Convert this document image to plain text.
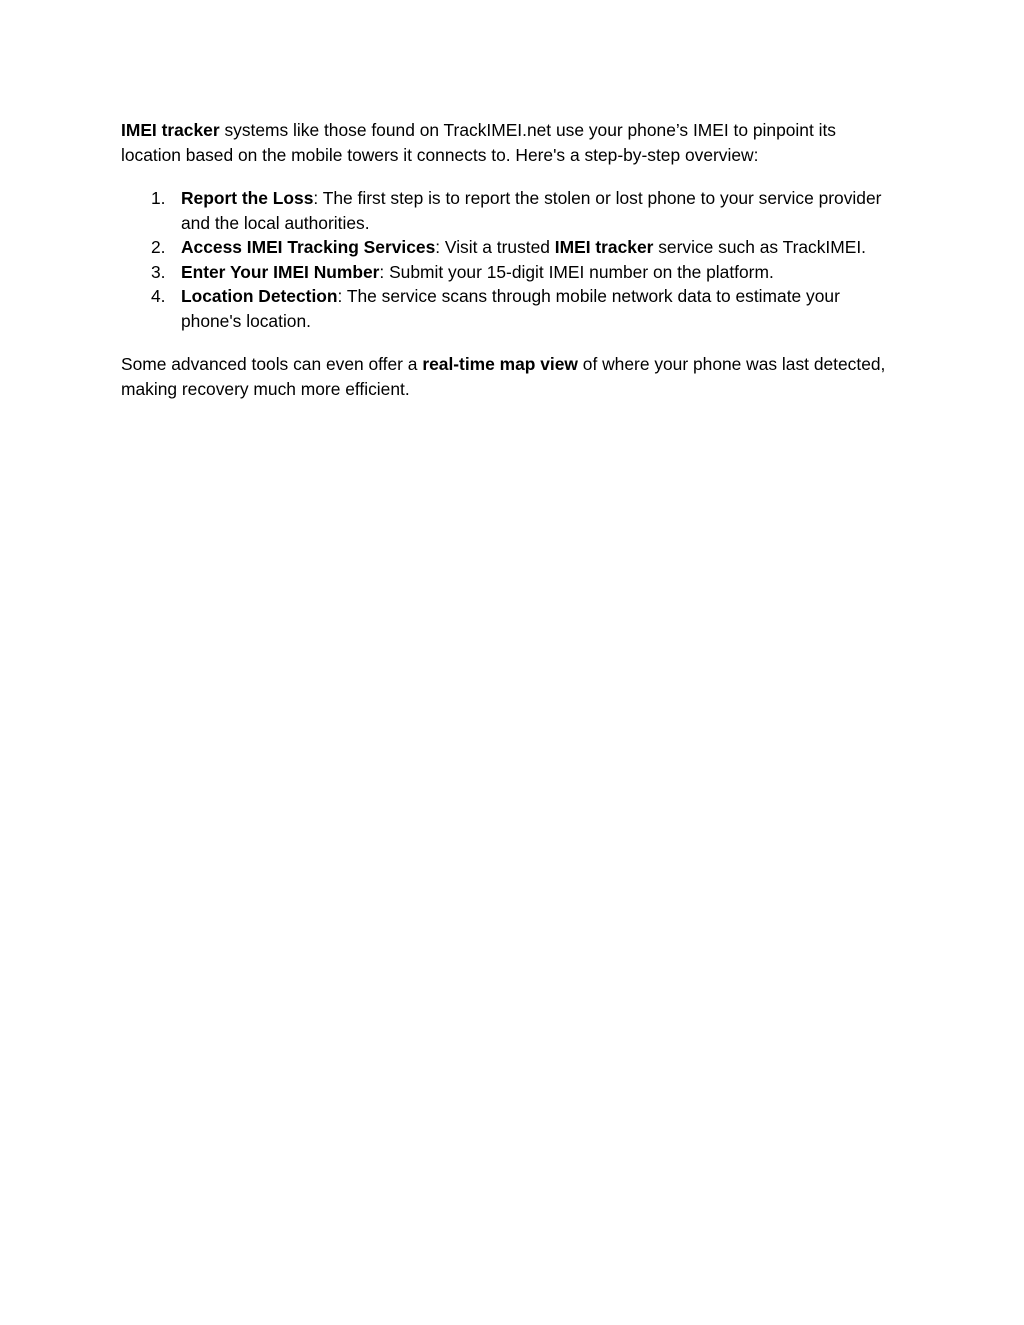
IMEI tracker systems like those found on TrackIMEI.net use your phone’s IMEI to pinpoint its location based on the mobile towers it connects to. Here's a step-by-step overview:

1. Report the Loss: The first step is to report the stolen or lost phone to your service provider and the local authorities.
2. Access IMEI Tracking Services: Visit a trusted IMEI tracker service such as TrackIMEI.
3. Enter Your IMEI Number: Submit your 15-digit IMEI number on the platform.
4. Location Detection: The service scans through mobile network data to estimate your phone's location.

Some advanced tools can even offer a real-time map view of where your phone was last detected, making recovery much more efficient.
